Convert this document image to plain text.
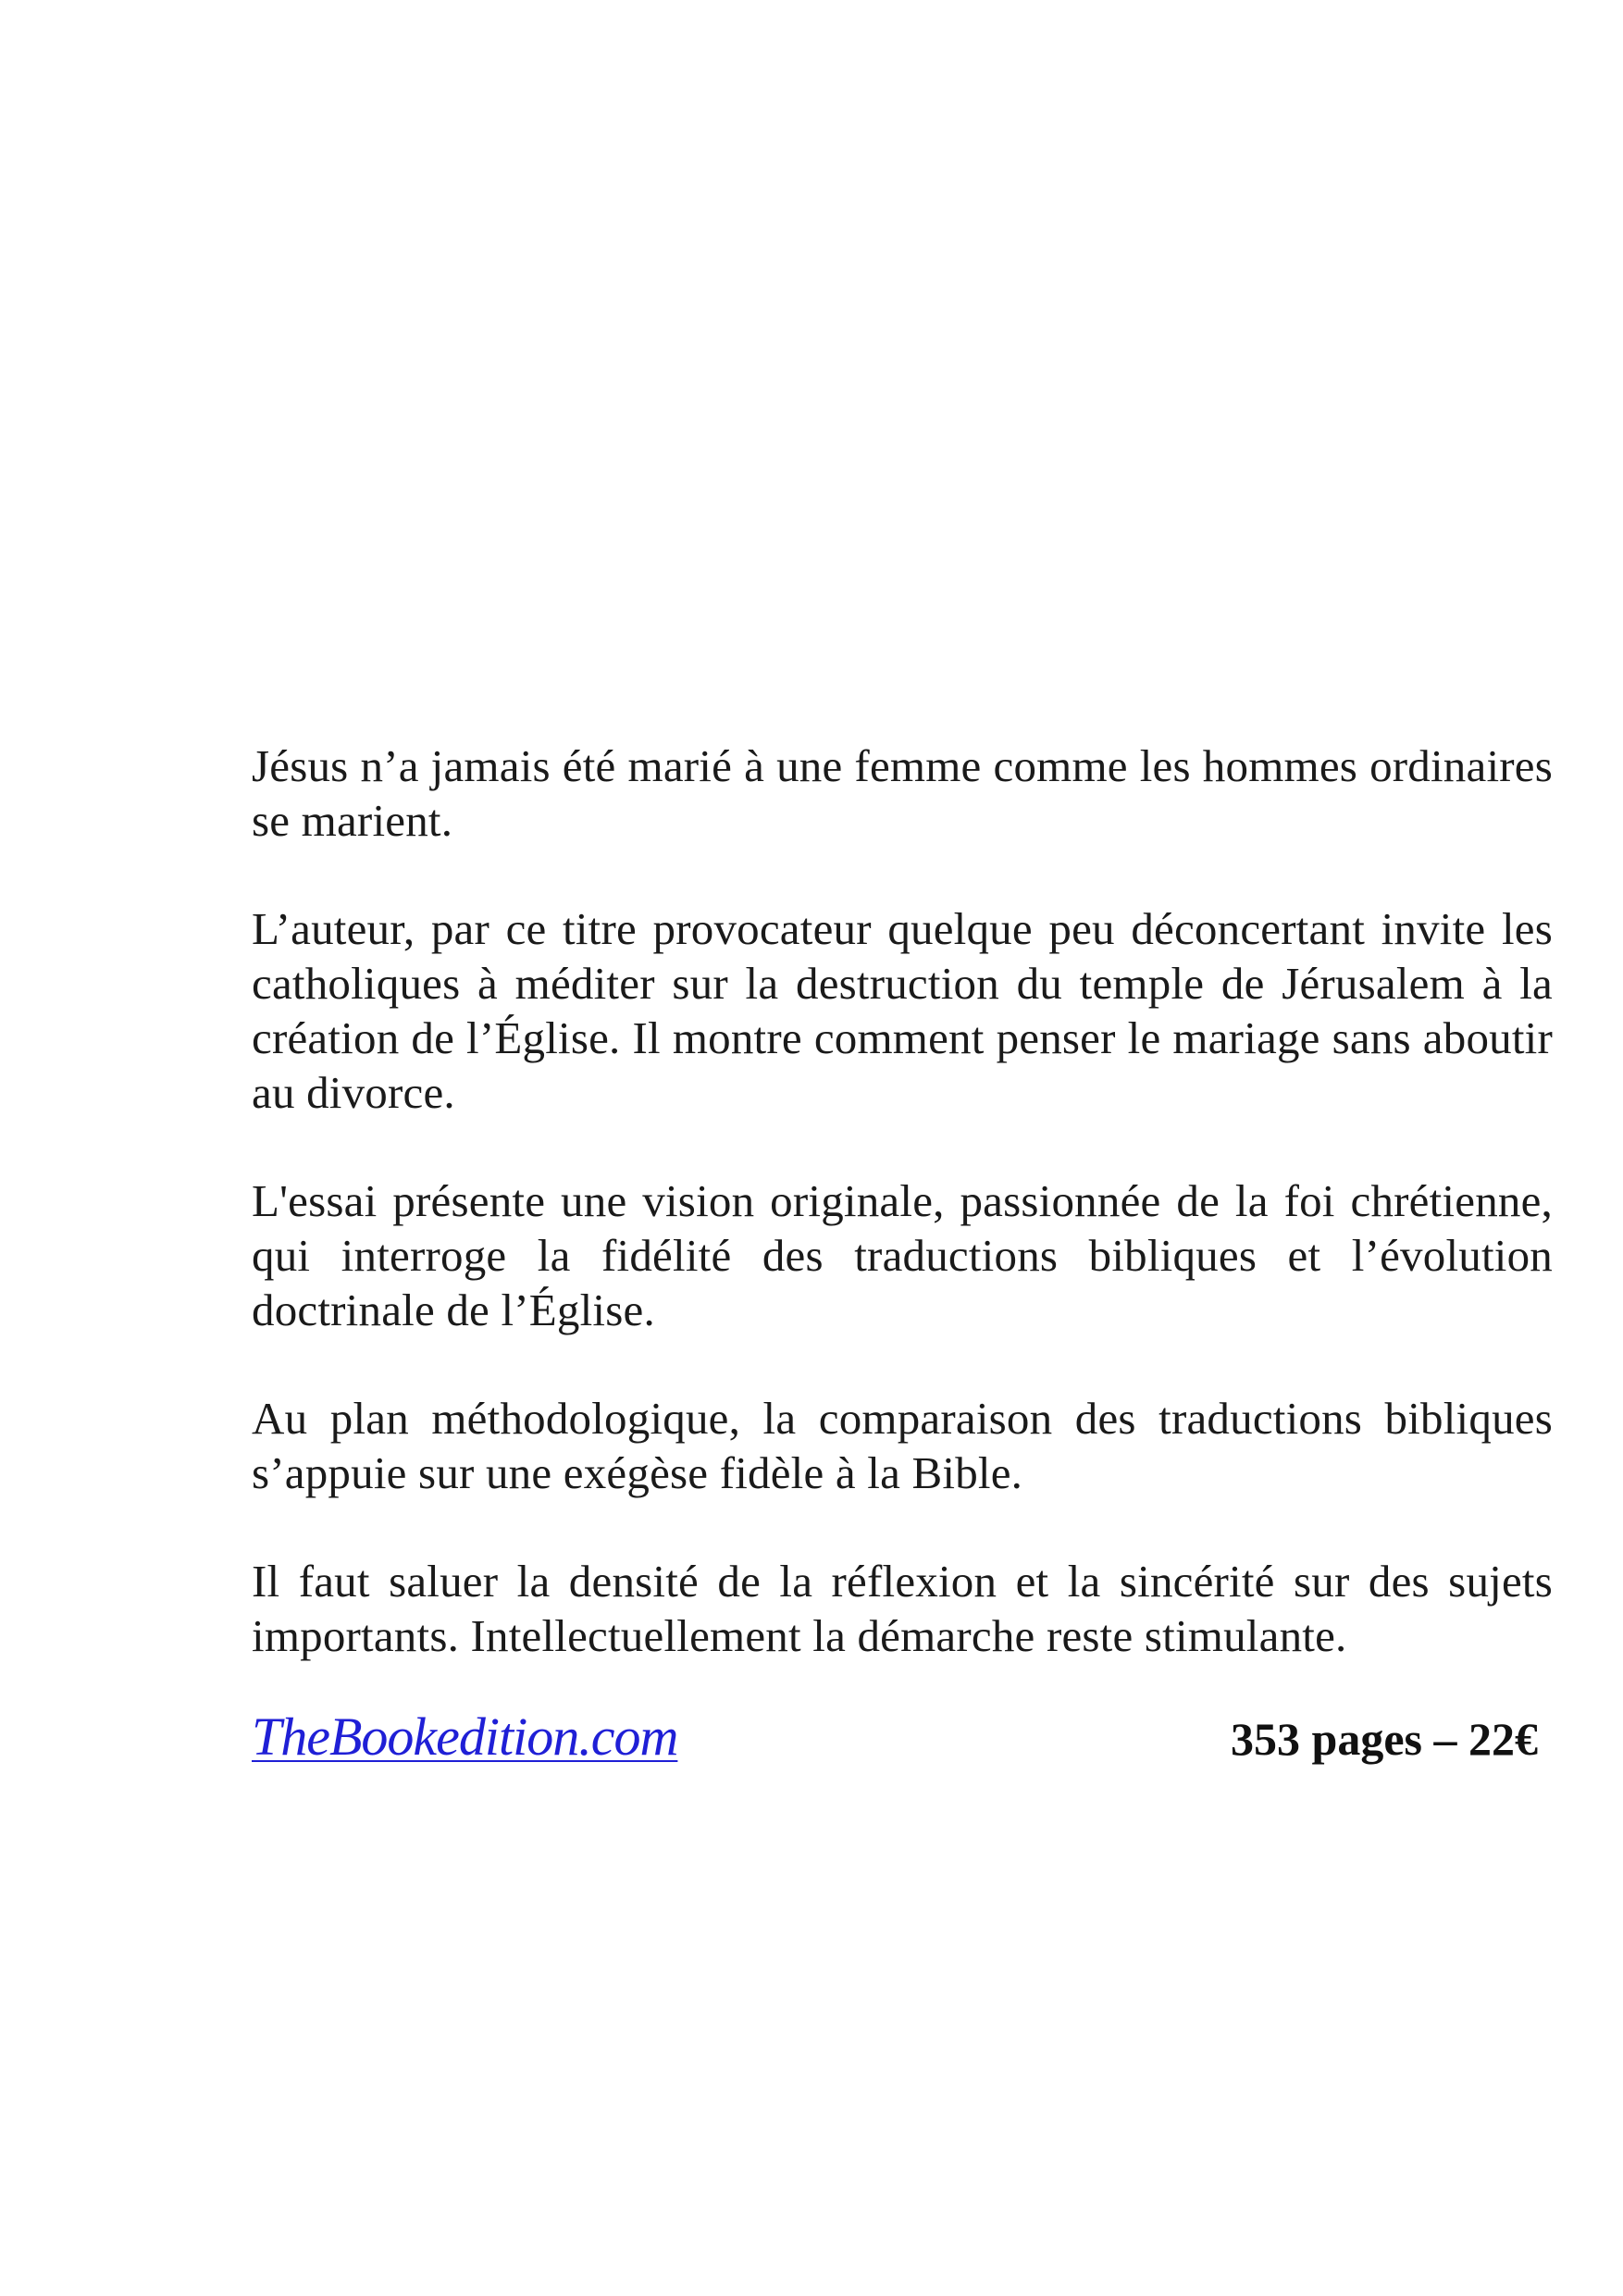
Jésus n’a jamais été marié à une femme comme les hommes ordinaires se marient.

L’auteur, par ce titre provocateur quelque peu déconcertant invite les catholiques à méditer sur la destruction du temple de Jérusalem à la création de l’Église. Il montre comment penser le mariage sans aboutir au divorce.

L'essai présente une vision originale, passionnée de la foi chrétienne, qui interroge la fidélité des traductions bibliques et l’évolution doctrinale de l’Église.

Au plan méthodologique, la comparaison des traductions bibliques s’appuie sur une exégèse fidèle à la Bible.

Il faut saluer la densité de la réflexion et la sincérité sur des sujets importants. Intellectuellement la démarche reste stimulante.

TheBookedition.com	353 pages – 22€
